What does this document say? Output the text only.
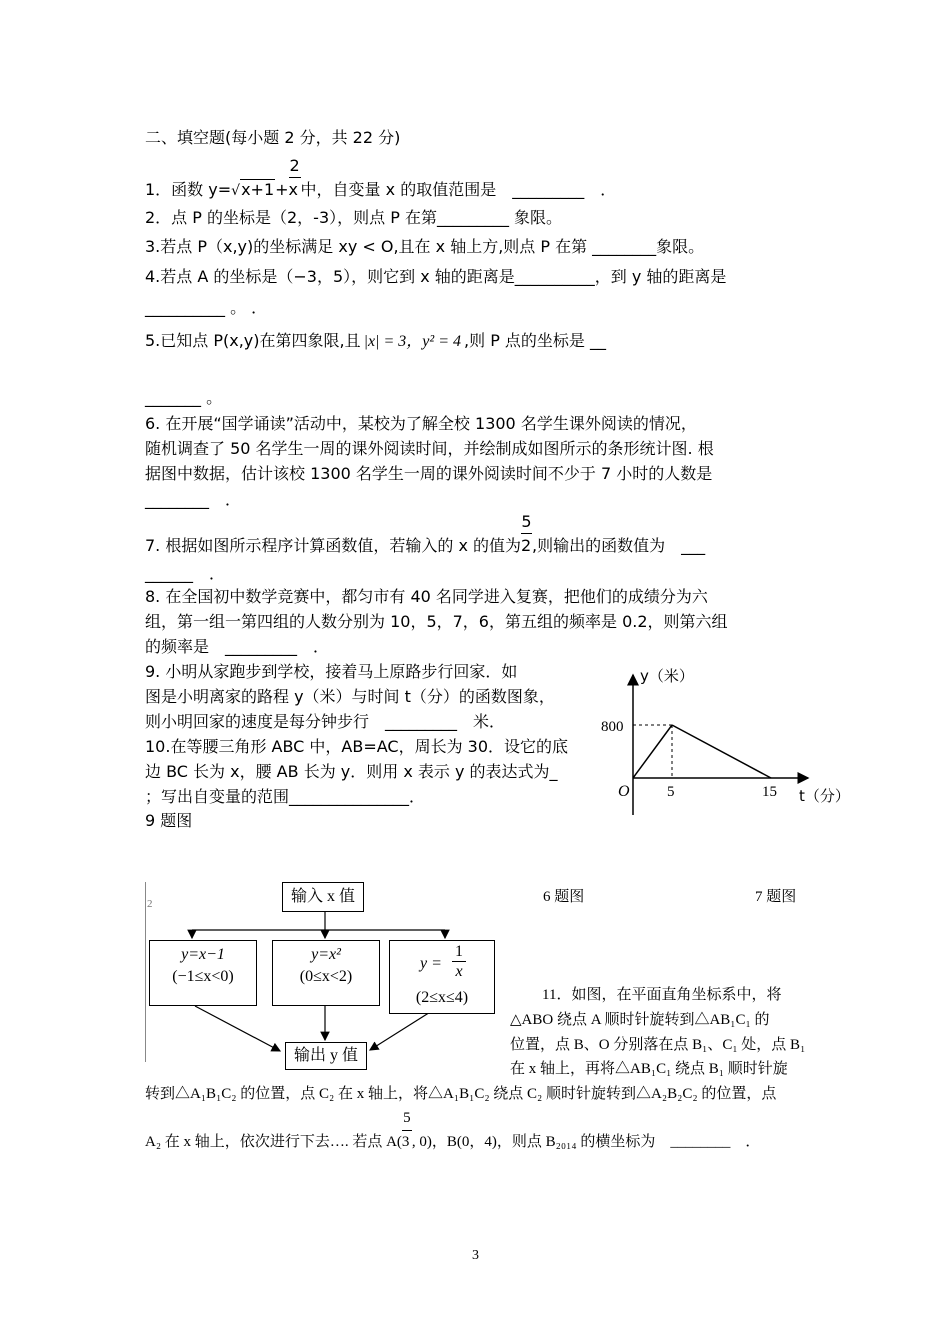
二、填空题(每小题 2 分，共 22 分)
1．函数 $y=√x+1+ \frac{2}{x}$中，自变量 x 的取值范围是　_________　．
2．点 P 的坐标是（2，-3），则点 P 在第_________ 象限。
3.若点 P（x,y)的坐标满足 xy < O,且在 x 轴上方,则点 P 在第 ________象限。
4.若点 A 的坐标是（−3，5），则它到 x 轴的距离是__________，到 y 轴的距离是
__________ 。 ．
5.已知点 P(x,y)在第四象限,且 |x| = 3，y² = 4 ,则 P 点的坐标是 __
_______ 。
6. 在开展“国学诵读”活动中，某校为了解全校 1300 名学生课外阅读的情况，
随机调查了 50 名学生一周的课外阅读时间，并绘制成如图所示的条形统计图. 根
据图中数据，估计该校 1300 名学生一周的课外阅读时间不少于 7 小时的人数是
________　．
7. 根据如图所示程序计算函数值，若输入的 x 的值为 $\frac{5}{2}$,则输出的函数值为　___
______　．
8. 在全国初中数学竞赛中，都匀市有 40 名同学进入复赛，把他们的成绩分为六
组，第一组一第四组的人数分别为 10，5，7，6，第五组的频率是 0.2，则第六组
的频率是　_________　．
9. 小明从家跑步到学校，接着马上原路步行回家．如
图是小明离家的路程 y（米）与时间 t（分）的函数图象，
则小明回家的速度是每分钟步行　_________　米．
10.在等腰三角形 ABC 中，AB=AC，周长为 30．设它的底
边 BC 长为 x，腰 AB 长为 y．则用 x 表示 y 的表达式为_
；写出自变量的范围_______________．
9 题图
y（米）
t（分）
800
O 5	15
2	输入 x 值
y=x−1
(−1≤x<0)
y=x²
(0≤x<2)
y =
1
x
(2≤x≤4)
输出 y 值
6 题图	7 题图
11．如图，在平面直角坐标系中，将
△ABO 绕点 A 顺时针旋转到△AB₁C₁ 的
位置，点 B、O 分别落在点 B₁、C₁ 处，点 B₁
在 x 轴上，再将△AB₁C₁ 绕点 B₁ 顺时针旋
转到△A₁B₁C₂ 的位置，点 C₂ 在 x 轴上，将△A₁B₁C₂ 绕点 C₂ 顺时针旋转到△A₂B₂C₂ 的位置，点
A₂ 在 x 轴上，依次进行下去…. 若点 $A( \frac{5}{3}$, 0)，B(0，4)，则点 B₂₀₁₄ 的横坐标为　________　．
3
